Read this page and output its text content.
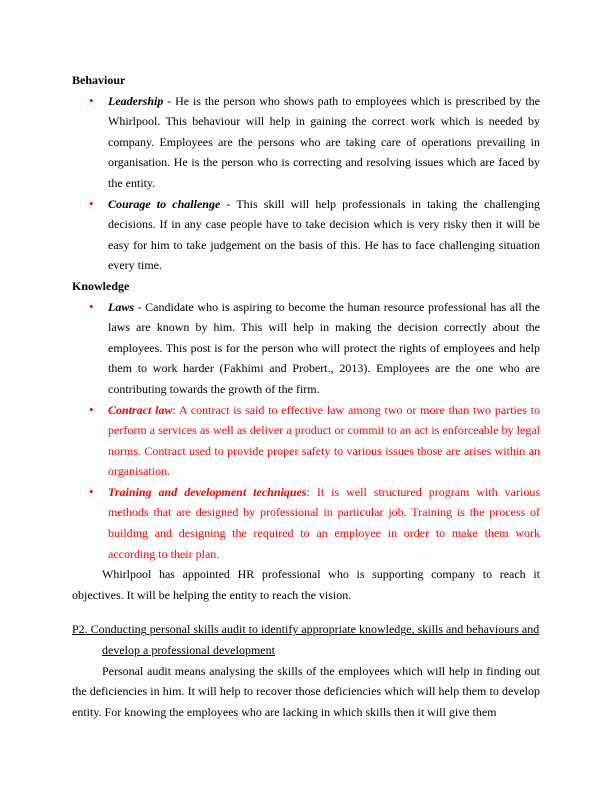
Behaviour
• Leadership - He is the person who shows path to employees which is prescribed by the Whirlpool. This behaviour will help in gaining the correct work which is needed by company. Employees are the persons who are taking care of operations prevailing in organisation. He is the person who is correcting and resolving issues which are faced by the entity.
• Courage to challenge - This skill will help professionals in taking the challenging decisions. If in any case people have to take decision which is very risky then it will be easy for him to take judgement on the basis of this. He has to face challenging situation every time.
Knowledge
• Laws - Candidate who is aspiring to become the human resource professional has all the laws are known by him. This will help in making the decision correctly about the employees. This post is for the person who will protect the rights of employees and help them to work harder (Fakhimi and Probert., 2013). Employees are the one who are contributing towards the growth of the firm.
• Contract law: A contract is said to effective law among two or more than two parties to perform a services as well as deliver a product or commit to an act is enforceable by legal norms. Contract used to provide proper safety to various issues those are arises within an organisation.
• Training and development techniques: It is well structured program with various methods that are designed by professional in particular job. Training is the process of building and designing the required to an employee in order to make them work according to their plan.
Whirlpool has appointed HR professional who is supporting company to reach it objectives. It will be helping the entity to reach the vision.
P2. Conducting personal skills audit to identify appropriate knowledge, skills and behaviours and
develop a professional development
Personal audit means analysing the skills of the employees which will help in finding out the deficiencies in him. It will help to recover those deficiencies which will help them to develop entity. For knowing the employees who are lacking in which skills then it will give them
